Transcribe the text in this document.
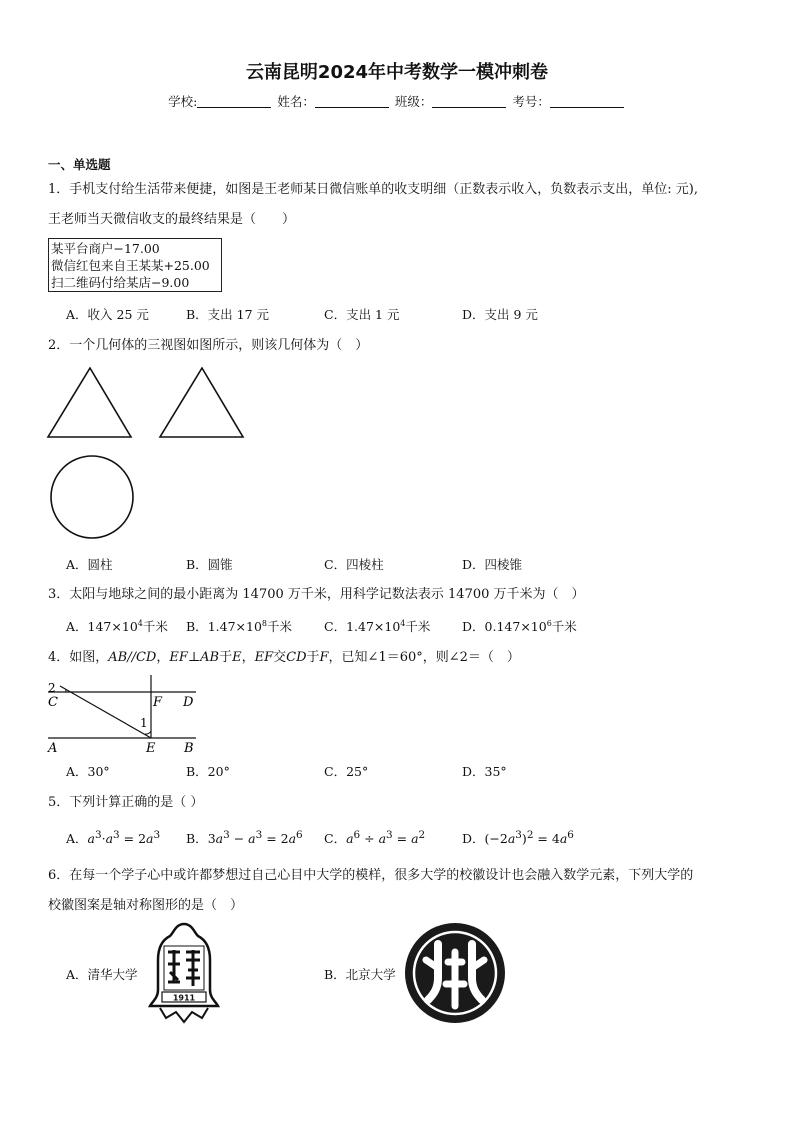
云南昆明2024年中考数学一模冲刺卷
学校:	姓名：	班级：	考号：
一、单选题
1．手机支付给生活带来便捷，如图是王老师某日微信账单的收支明细（正数表示收入，负数表示支出，单位: 元),
王老师当天微信收支的最终结果是（　　）
某平台商户−17.00
微信红包来自王某某+25.00
扫二维码付给某店−9.00
A．收入 25 元	B．支出 17 元	C．支出 1 元	D．支出 9 元
2．一个几何体的三视图如图所示，则该几何体为（　）
A．圆柱	B．圆锥	C．四棱柱	D．四棱锥
3．太阳与地球之间的最小距离为 14700 万千米，用科学记数法表示 14700 万千米为（　）
A．$147\times 10^4$千米 B．$1.47\times 10^8$千米	C．$1.47\times 10^4$千米	D．$0.147\times 10^6$千米
4．如图，AB//CD，EF⊥AB于E，EF交CD于F，已知∠1＝60°，则∠2＝（　）
2
C	F D
1
A	E B
A．30°	B．20°	C．25°	D．35°
5．下列计算正确的是（ ）
A．$a^3\cdot a^3 = 2a^3$ B．$3a^3 - a^3 = 2a^6$ C．$a^6 \div a^3 = a^2$	D．$(-2a^3)^2 = 4a^6$
6．在每一个学子心中或许都梦想过自己心目中大学的模样，很多大学的校徽设计也会融入数学元素，下列大学的
校徽图案是轴对称图形的是（　）
A．清华大学	B．北京大学
1911
